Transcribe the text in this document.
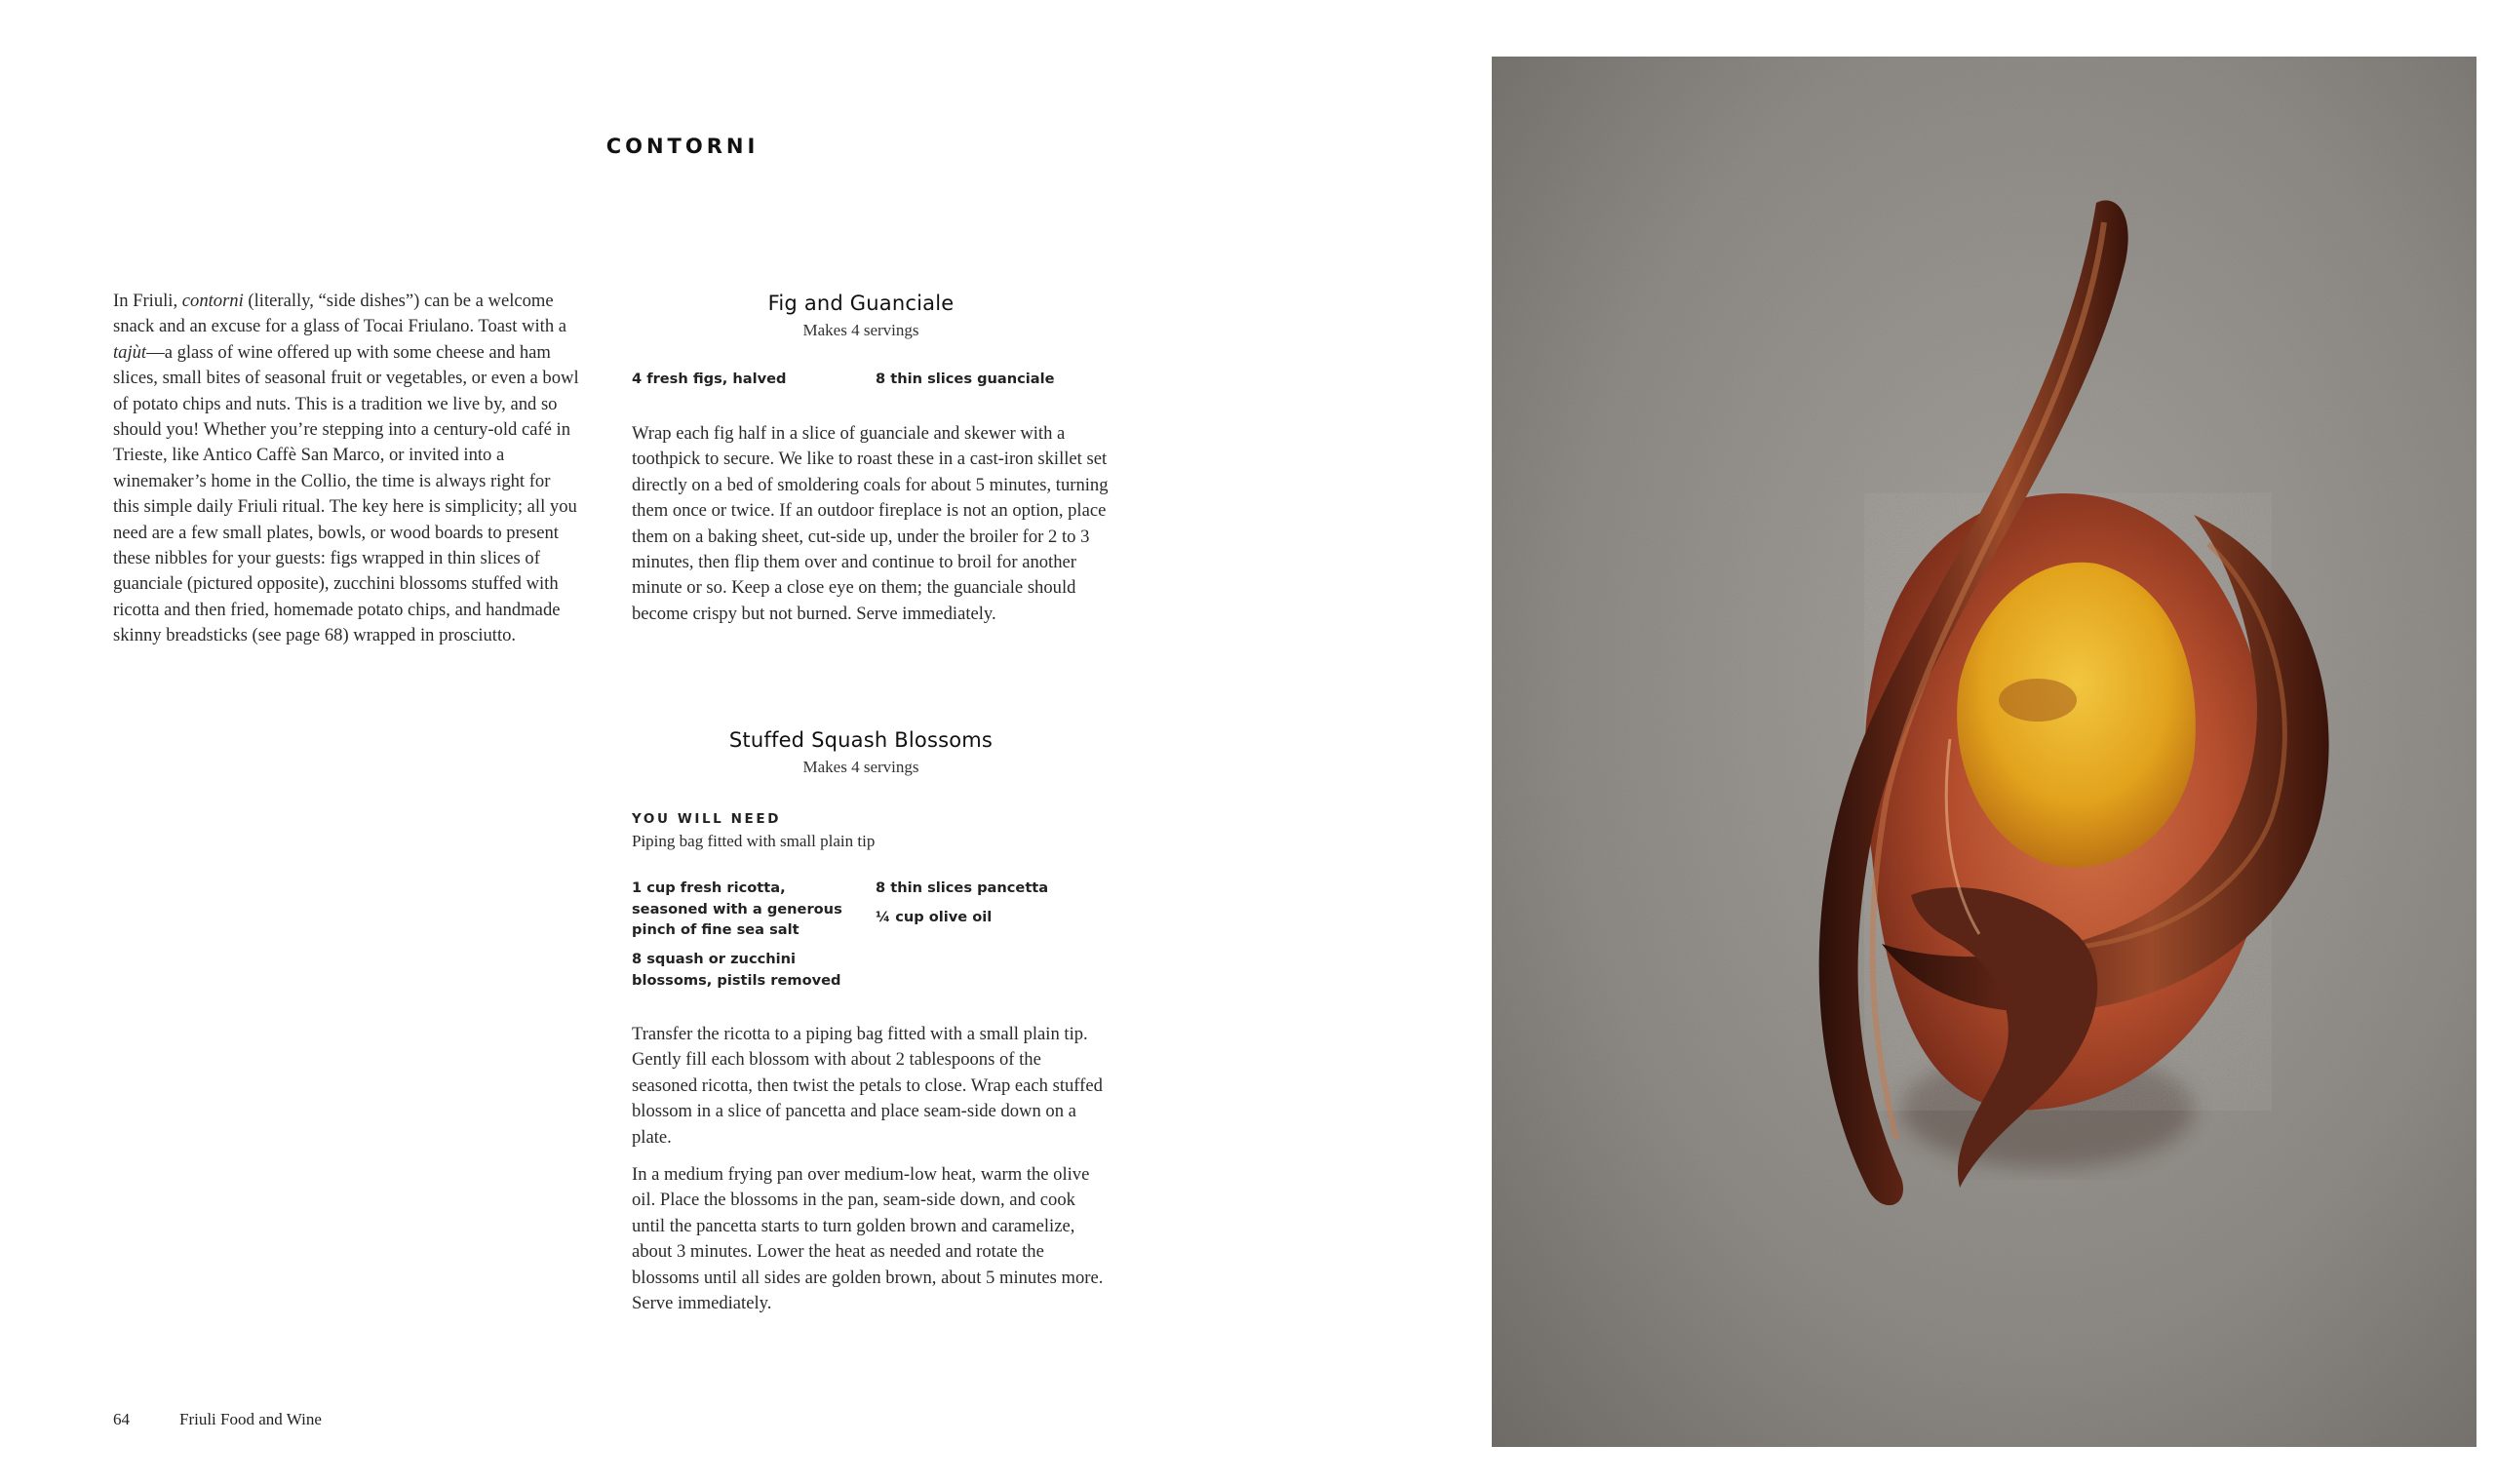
CONTORNI

In Friuli, contorni (literally, “side dishes”) can be a welcome snack and an excuse for a glass of Tocai Friulano. Toast with a tajùt—a glass of wine offered up with some cheese and ham slices, small bites of seasonal fruit or vegetables, or even a bowl of potato chips and nuts. This is a tradition we live by, and so should you! Whether you’re stepping into a century-old café in Trieste, like Antico Caffè San Marco, or invited into a winemaker’s home in the Collio, the time is always right for this simple daily Friuli ritual. The key here is simplicity; all you need are a few small plates, bowls, or wood boards to present these nibbles for your guests: figs wrapped in thin slices of guanciale (pictured opposite), zucchini blossoms stuffed with ricotta and then fried, homemade potato chips, and handmade skinny breadsticks (see page 68) wrapped in prosciutto.

Fig and Guanciale
Makes 4 servings
4 fresh figs, halved	8 thin slices guanciale

Wrap each fig half in a slice of guanciale and skewer with a toothpick to secure. We like to roast these in a cast-iron skillet set directly on a bed of smoldering coals for about 5 minutes, turning them once or twice. If an outdoor fireplace is not an option, place them on a baking sheet, cut-side up, under the broiler for 2 to 3 minutes, then flip them over and continue to broil for another minute or so. Keep a close eye on them; the guanciale should become crispy but not burned. Serve immediately.

Stuffed Squash Blossoms
Makes 4 servings
YOU WILL NEED
Piping bag fitted with small plain tip
1 cup fresh ricotta, seasoned with a generous pinch of fine sea salt
8 squash or zucchini blossoms, pistils removed
8 thin slices pancetta
¼ cup olive oil

Transfer the ricotta to a piping bag fitted with a small plain tip. Gently fill each blossom with about 2 tablespoons of the seasoned ricotta, then twist the petals to close. Wrap each stuffed blossom in a slice of pancetta and place seam-side down on a plate.

In a medium frying pan over medium-low heat, warm the olive oil. Place the blossoms in the pan, seam-side down, and cook until the pancetta starts to turn golden brown and caramelize, about 3 minutes. Lower the heat as needed and rotate the blossoms until all sides are golden brown, about 5 minutes more. Serve immediately.

64	Friuli Food and Wine
